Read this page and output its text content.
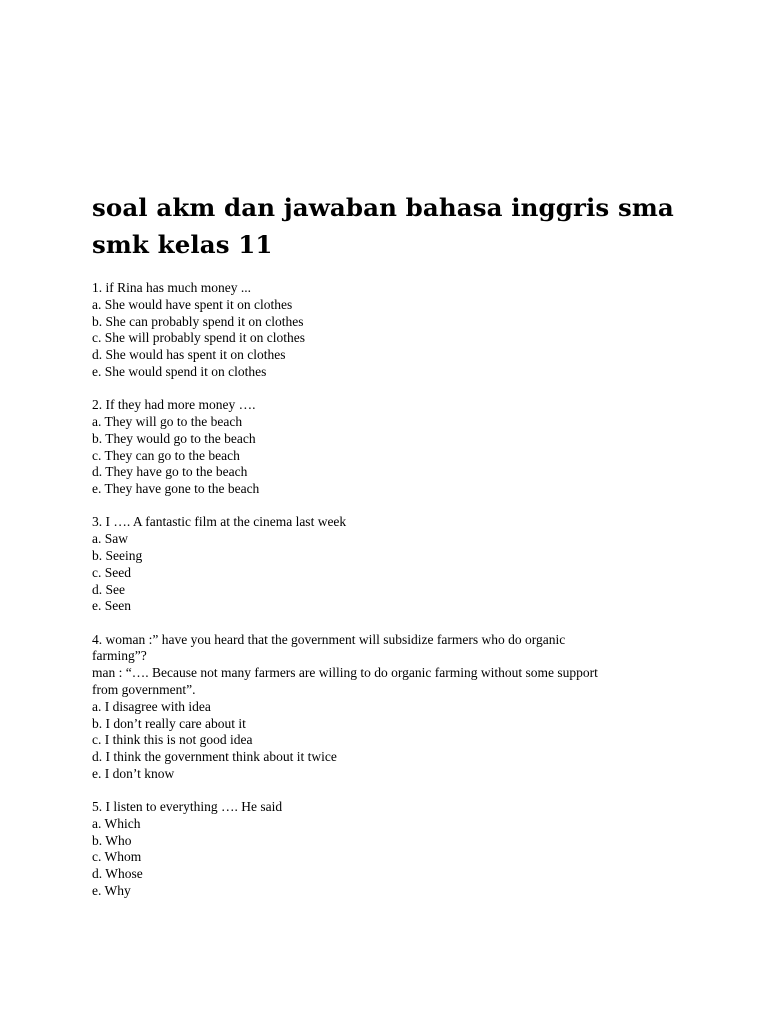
soal akm dan jawaban bahasa inggris sma smk kelas 11
1. if Rina has much money ...
a. She would have spent it on clothes
b. She can probably spend it on clothes
c. She will probably spend it on clothes
d. She would has spent it on clothes
e. She would spend it on clothes
2. If they had more money ….
a. They will go to the beach
b. They would go to the beach
c. They can go to the beach
d. They have go to the beach
e. They have gone to the beach
3. I …. A fantastic film at the cinema last week
a. Saw
b. Seeing
c. Seed
d. See
e. Seen
4. woman :” have you heard that the government will subsidize farmers who do organic
farming”?
man : “…. Because not many farmers are willing to do organic farming without some support
from government”.
a. I disagree with idea
b. I don’t really care about it
c. I think this is not good idea
d. I think the government think about it twice
e. I don’t know
5. I listen to everything …. He said
a. Which
b. Who
c. Whom
d. Whose
e. Why
